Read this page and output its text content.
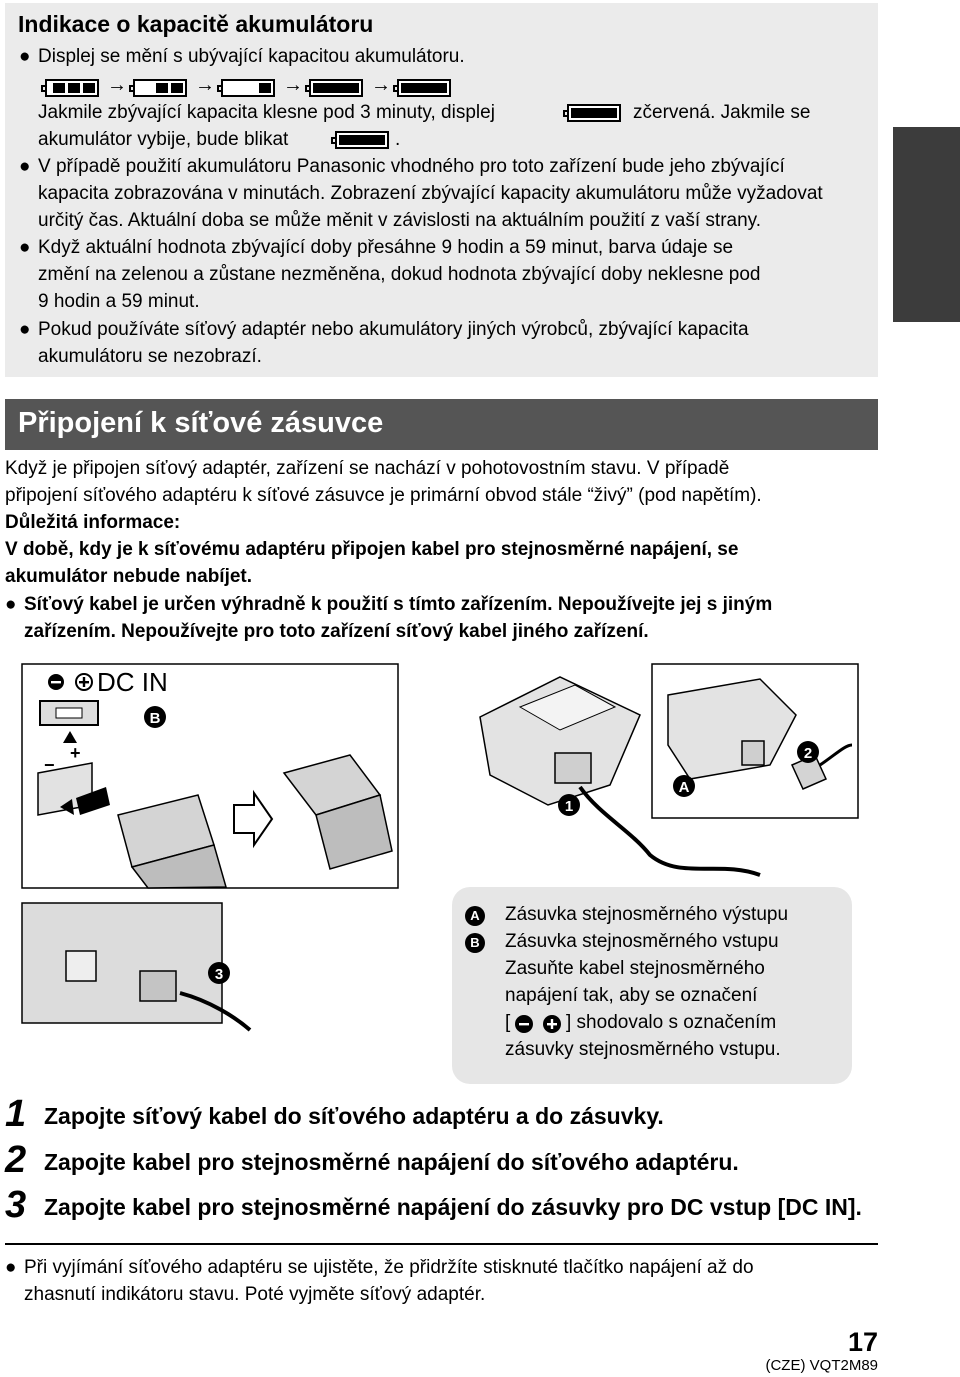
Indikace o kapacitě akumulátoru
● Displej se mění s ubývající kapacitou akumulátoru.
→	→	→	→
Jakmile zbývající kapacita klesne pod 3 minuty, displej	zčervená. Jakmile se
akumulátor vybije, bude blikat	.
● V případě použití akumulátoru Panasonic vhodného pro toto zařízení bude jeho zbývající
kapacita zobrazována v minutách. Zobrazení zbývající kapacity akumulátoru může vyžadovat
určitý čas. Aktuální doba se může měnit v závislosti na aktuálním použití z vaší strany.
● Když aktuální hodnota zbývající doby přesáhne 9 hodin a 59 minut, barva údaje se
změní na zelenou a zůstane nezměněna, dokud hodnota zbývající doby neklesne pod
9 hodin a 59 minut.
● Pokud používáte síťový adaptér nebo akumulátory jiných výrobců, zbývající kapacita
akumulátoru se nezobrazí.
Připojení k síťové zásuvce
Když je připojen síťový adaptér, zařízení se nachází v pohotovostním stavu. V případě
připojení síťového adaptéru k síťové zásuvce je primární obvod stále “živý” (pod napětím).
Důležitá informace:
V době, kdy je k síťovému adaptéru připojen kabel pro stejnosměrné napájení, se
akumulátor nebude nabíjet.
● Síťový kabel je určen výhradně k použití s tímto zařízením. Nepoužívejte jej s jiným
zařízením. Nepoužívejte pro toto zařízení síťový kabel jiného zařízení.
DC IN
B
−
+
1
2
A
3
A Zásuvka stejnosměrného výstupu
B Zásuvka stejnosměrného vstupu
Zasuňte kabel stejnosměrného
napájení tak, aby se označení
[	] shodovalo s označením
zásuvky stejnosměrného vstupu.
1 Zapojte síťový kabel do síťového adaptéru a do zásuvky.
2 Zapojte kabel pro stejnosměrné napájení do síťového adaptéru.
3 Zapojte kabel pro stejnosměrné napájení do zásuvky pro DC vstup [DC IN].
● Při vyjímání síťového adaptéru se ujistěte, že přidržíte stisknuté tlačítko napájení až do
zhasnutí indikátoru stavu. Poté vyjměte síťový adaptér.
17
(CZE) VQT2M89
